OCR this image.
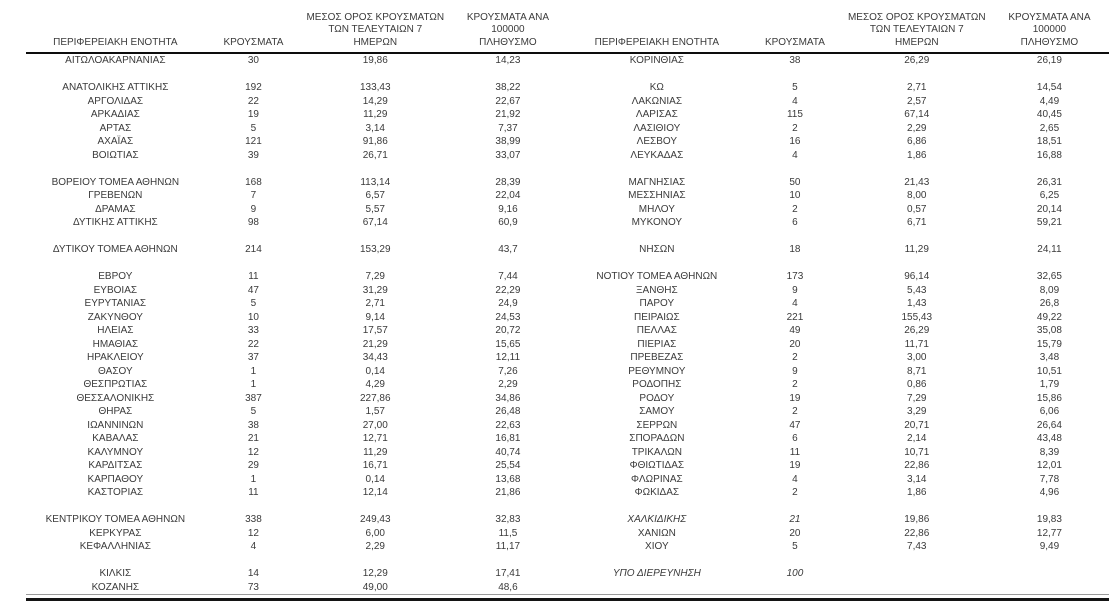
ΠΕΡΙΦΕΡΕΙΑΚΗ ΕΝΟΤΗΤΑ	ΚΡΟΥΣΜΑΤΑ	ΜΕΣΟΣ ΟΡΟΣ ΚΡΟΥΣΜΑΤΩΝ
ΤΩΝ ΤΕΛΕΥΤΑΙΩΝ 7
ΗΜΕΡΩΝ	ΚΡΟΥΣΜΑΤΑ ΑΝΑ 100000
ΠΛΗΘΥΣΜΟ
ΑΙΤΩΛΟΑΚΑΡΝΑΝΙΑΣ	30	19,86	14,23

ΑΝΑΤΟΛΙΚΗΣ ΑΤΤΙΚΗΣ	192	133,43	38,22
ΑΡΓΟΛΙΔΑΣ	22	14,29	22,67
ΑΡΚΑΔΙΑΣ	19	11,29	21,92
ΑΡΤΑΣ	5	3,14	7,37
ΑΧΑΪΑΣ	121	91,86	38,99
ΒΟΙΩΤΙΑΣ	39	26,71	33,07

ΒΟΡΕΙΟΥ ΤΟΜΕΑ ΑΘΗΝΩΝ	168	113,14	28,39
ΓΡΕΒΕΝΩΝ	7	6,57	22,04
ΔΡΑΜΑΣ	9	5,57	9,16
ΔΥΤΙΚΗΣ ΑΤΤΙΚΗΣ	98	67,14	60,9

ΔΥΤΙΚΟΥ ΤΟΜΕΑ ΑΘΗΝΩΝ	214	153,29	43,7

ΕΒΡΟΥ	11	7,29	7,44
ΕΥΒΟΙΑΣ	47	31,29	22,29
ΕΥΡΥΤΑΝΙΑΣ	5	2,71	24,9
ΖΑΚΥΝΘΟΥ	10	9,14	24,53
ΗΛΕΙΑΣ	33	17,57	20,72
ΗΜΑΘΙΑΣ	22	21,29	15,65
ΗΡΑΚΛΕΙΟΥ	37	34,43	12,11
ΘΑΣΟΥ	1	0,14	7,26
ΘΕΣΠΡΩΤΙΑΣ	1	4,29	2,29
ΘΕΣΣΑΛΟΝΙΚΗΣ	387	227,86	34,86
ΘΗΡΑΣ	5	1,57	26,48
ΙΩΑΝΝΙΝΩΝ	38	27,00	22,63
ΚΑΒΑΛΑΣ	21	12,71	16,81
ΚΑΛΥΜΝΟΥ	12	11,29	40,74
ΚΑΡΔΙΤΣΑΣ	29	16,71	25,54
ΚΑΡΠΑΘΟΥ	1	0,14	13,68
ΚΑΣΤΟΡΙΑΣ	11	12,14	21,86

ΚΕΝΤΡΙΚΟΥ ΤΟΜΕΑ ΑΘΗΝΩΝ	338	249,43	32,83
ΚΕΡΚΥΡΑΣ	12	6,00	11,5
ΚΕΦΑΛΛΗΝΙΑΣ	4	2,29	11,17

ΚΙΛΚΙΣ	14	12,29	17,41
ΚΟΖΑΝΗΣ	73	49,00	48,6
ΠΕΡΙΦΕΡΕΙΑΚΗ ΕΝΟΤΗΤΑ	ΚΡΟΥΣΜΑΤΑ	ΜΕΣΟΣ ΟΡΟΣ ΚΡΟΥΣΜΑΤΩΝ
ΤΩΝ ΤΕΛΕΥΤΑΙΩΝ 7
ΗΜΕΡΩΝ	ΚΡΟΥΣΜΑΤΑ ΑΝΑ 100000
ΠΛΗΘΥΣΜΟ
ΚΟΡΙΝΘΙΑΣ	38	26,29	26,19

ΚΩ	5	2,71	14,54
ΛΑΚΩΝΙΑΣ	4	2,57	4,49
ΛΑΡΙΣΑΣ	115	67,14	40,45
ΛΑΣΙΘΙΟΥ	2	2,29	2,65
ΛΕΣΒΟΥ	16	6,86	18,51
ΛΕΥΚΑΔΑΣ	4	1,86	16,88

ΜΑΓΝΗΣΙΑΣ	50	21,43	26,31
ΜΕΣΣΗΝΙΑΣ	10	8,00	6,25
ΜΗΛΟΥ	2	0,57	20,14
ΜΥΚΟΝΟΥ	6	6,71	59,21

ΝΗΣΩΝ	18	11,29	24,11

ΝΟΤΙΟΥ ΤΟΜΕΑ ΑΘΗΝΩΝ	173	96,14	32,65
ΞΑΝΘΗΣ	9	5,43	8,09
ΠΑΡΟΥ	4	1,43	26,8
ΠΕΙΡΑΙΩΣ	221	155,43	49,22
ΠΕΛΛΑΣ	49	26,29	35,08
ΠΙΕΡΙΑΣ	20	11,71	15,79
ΠΡΕΒΕΖΑΣ	2	3,00	3,48
ΡΕΘΥΜΝΟΥ	9	8,71	10,51
ΡΟΔΟΠΗΣ	2	0,86	1,79
ΡΟΔΟΥ	19	7,29	15,86
ΣΑΜΟΥ	2	3,29	6,06
ΣΕΡΡΩΝ	47	20,71	26,64
ΣΠΟΡΑΔΩΝ	6	2,14	43,48
ΤΡΙΚΑΛΩΝ	11	10,71	8,39
ΦΘΙΩΤΙΔΑΣ	19	22,86	12,01
ΦΛΩΡΙΝΑΣ	4	3,14	7,78
ΦΩΚΙΔΑΣ	2	1,86	4,96

ΧΑΛΚΙΔΙΚΗΣ	21	19,86	19,83
ΧΑΝΙΩΝ	20	22,86	12,77
ΧΙΟΥ	5	7,43	9,49

ΥΠΟ ΔΙΕΡΕΥΝΗΣΗ	100		
